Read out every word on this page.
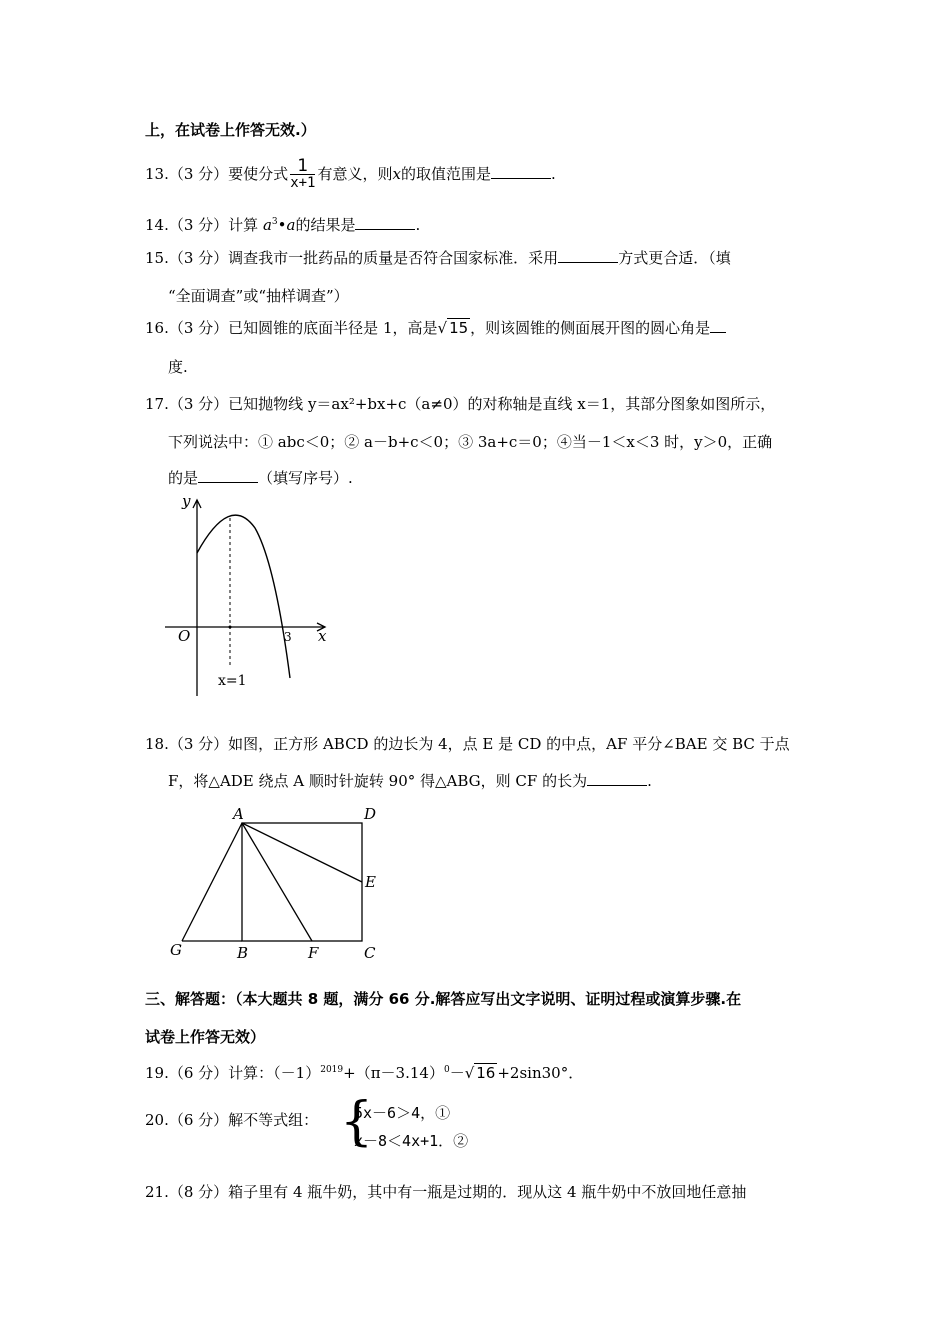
上，在试卷上作答无效.）
13.（3 分）要使分式 $\frac{1}{x+1}$ 有意义，则x的取值范围是	.
14.（3 分）计算 $a^3•a$的结果是	.
15.（3 分）调查我市一批药品的质量是否符合国家标准．采用	方式更合适．（填
“全面调查”或“抽样调查”）
16.（3 分）已知圆锥的底面半径是 1，高是√ 15 ，则该圆锥的侧面展开图的圆心角是
度.
17.（3 分）已知抛物线 y＝ax²+bx+c（a≠0）的对称轴是直线 x＝1，其部分图象如图所示，
下列说法中：① abc＜0；② a－b+c＜0；③ 3a+c＝0；④当－1＜x＜3 时，y＞0，正确
的是	（填写序号）.
y
x
O	3
x=1
18.（3 分）如图，正方形 ABCD 的边长为 4，点 E 是 CD 的中点，AF 平分∠BAE 交 BC 于点
F，将△ADE 绕点 A 顺时针旋转 90° 得△ABG，则 CF 的长为	.
A	D
E
C
F
B
G
三、解答题：（本大题共 8 题，满分 66 分.解答应写出文字说明、证明过程或演算步骤.在
试卷上作答无效）
19.（6 分）计算：$(-1)^{2019}+(\pi-3.14)^0-√$ 16 +2sin30°．
20.（6 分）解不等式组： {
5x－6＞4，①
x－8＜4x+1．②
21.（8 分）箱子里有 4 瓶牛奶，其中有一瓶是过期的．现从这 4 瓶牛奶中不放回地任意抽
